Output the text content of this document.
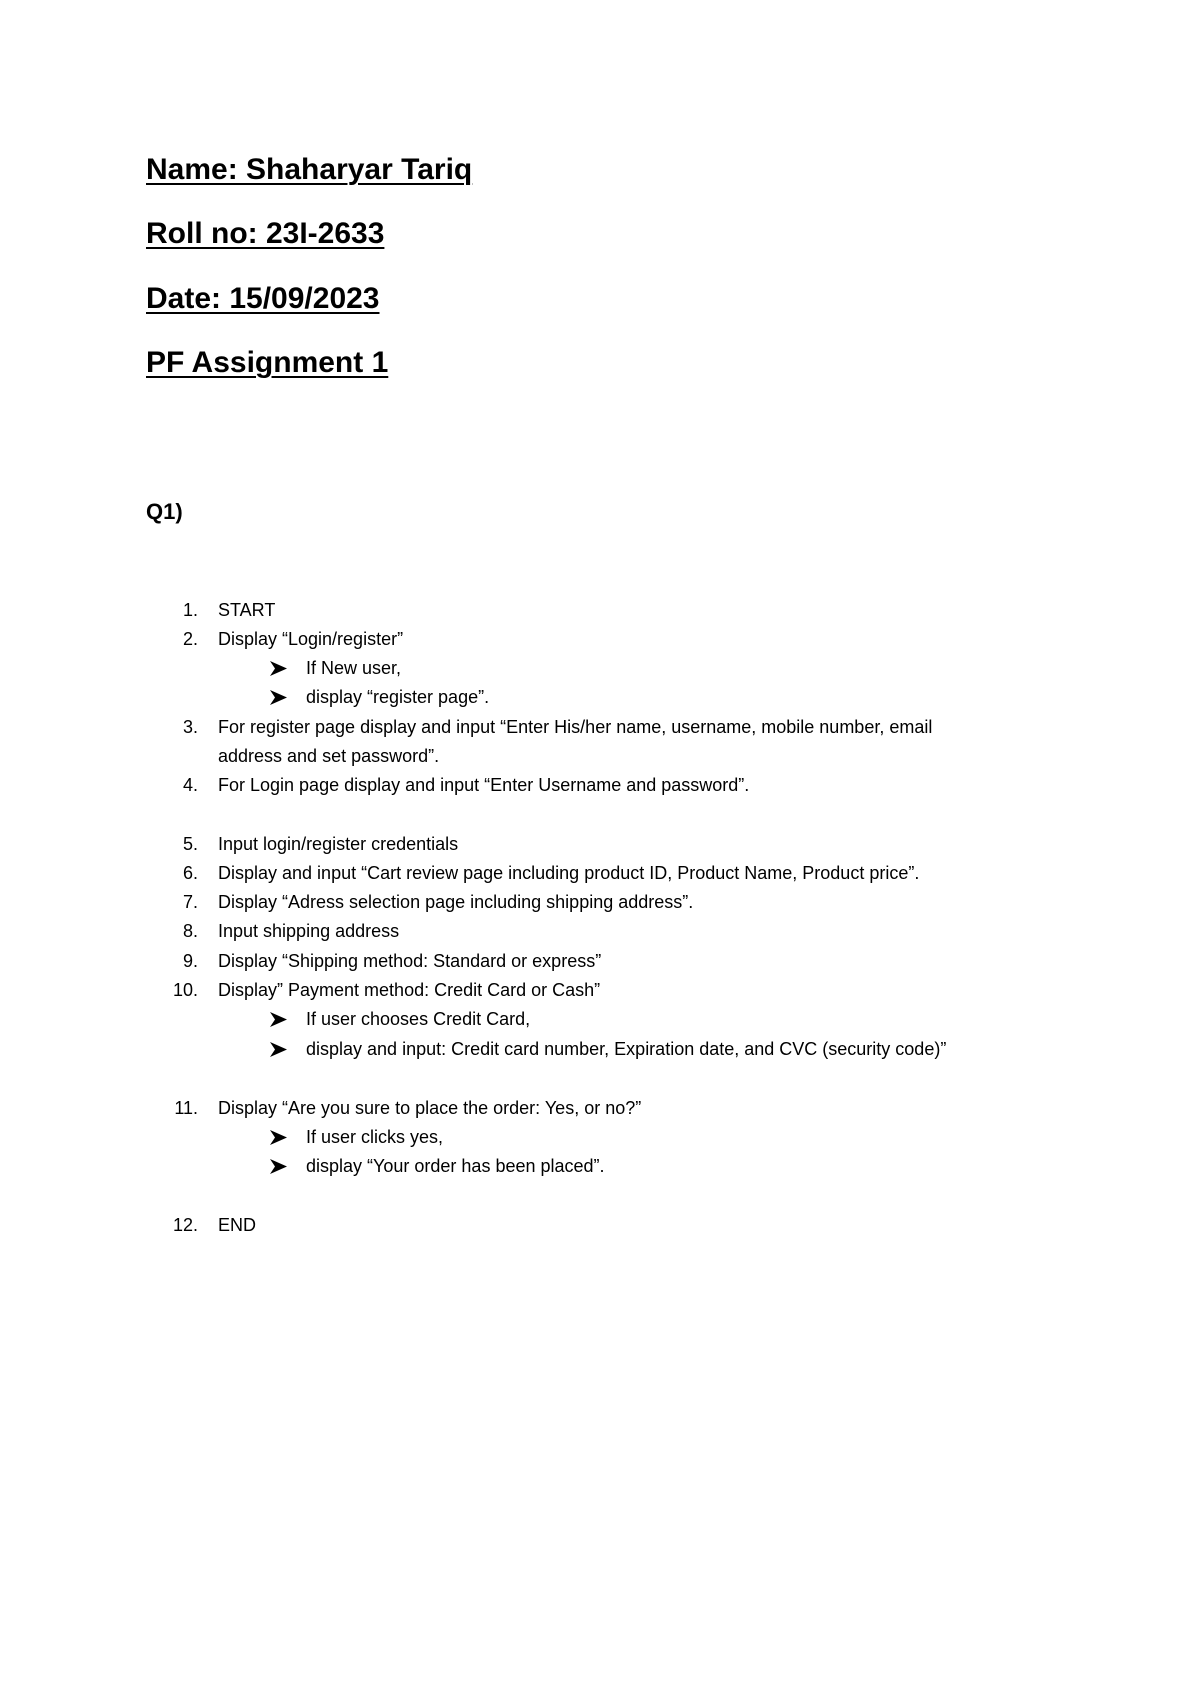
Name: Shaharyar Tariq

Roll no: 23I-2633

Date: 15/09/2023

PF Assignment 1

Q1)

1. START
2. Display “Login/register”
If New user,
display “register page”.
3. For register page display and input “Enter His/her name, username, mobile number, email
address and set password”.
4. For Login page display and input “Enter Username and password”.
5. Input login/register credentials
6. Display and input “Cart review page including product ID, Product Name, Product price”.
7. Display “Adress selection page including shipping address”.
8. Input shipping address
9. Display “Shipping method: Standard or express”
10. Display” Payment method: Credit Card or Cash”
If user chooses Credit Card,
display and input: Credit card number, Expiration date, and CVC (security code)”
11. Display “Are you sure to place the order: Yes, or no?”
If user clicks yes,
display “Your order has been placed”.
12. END
